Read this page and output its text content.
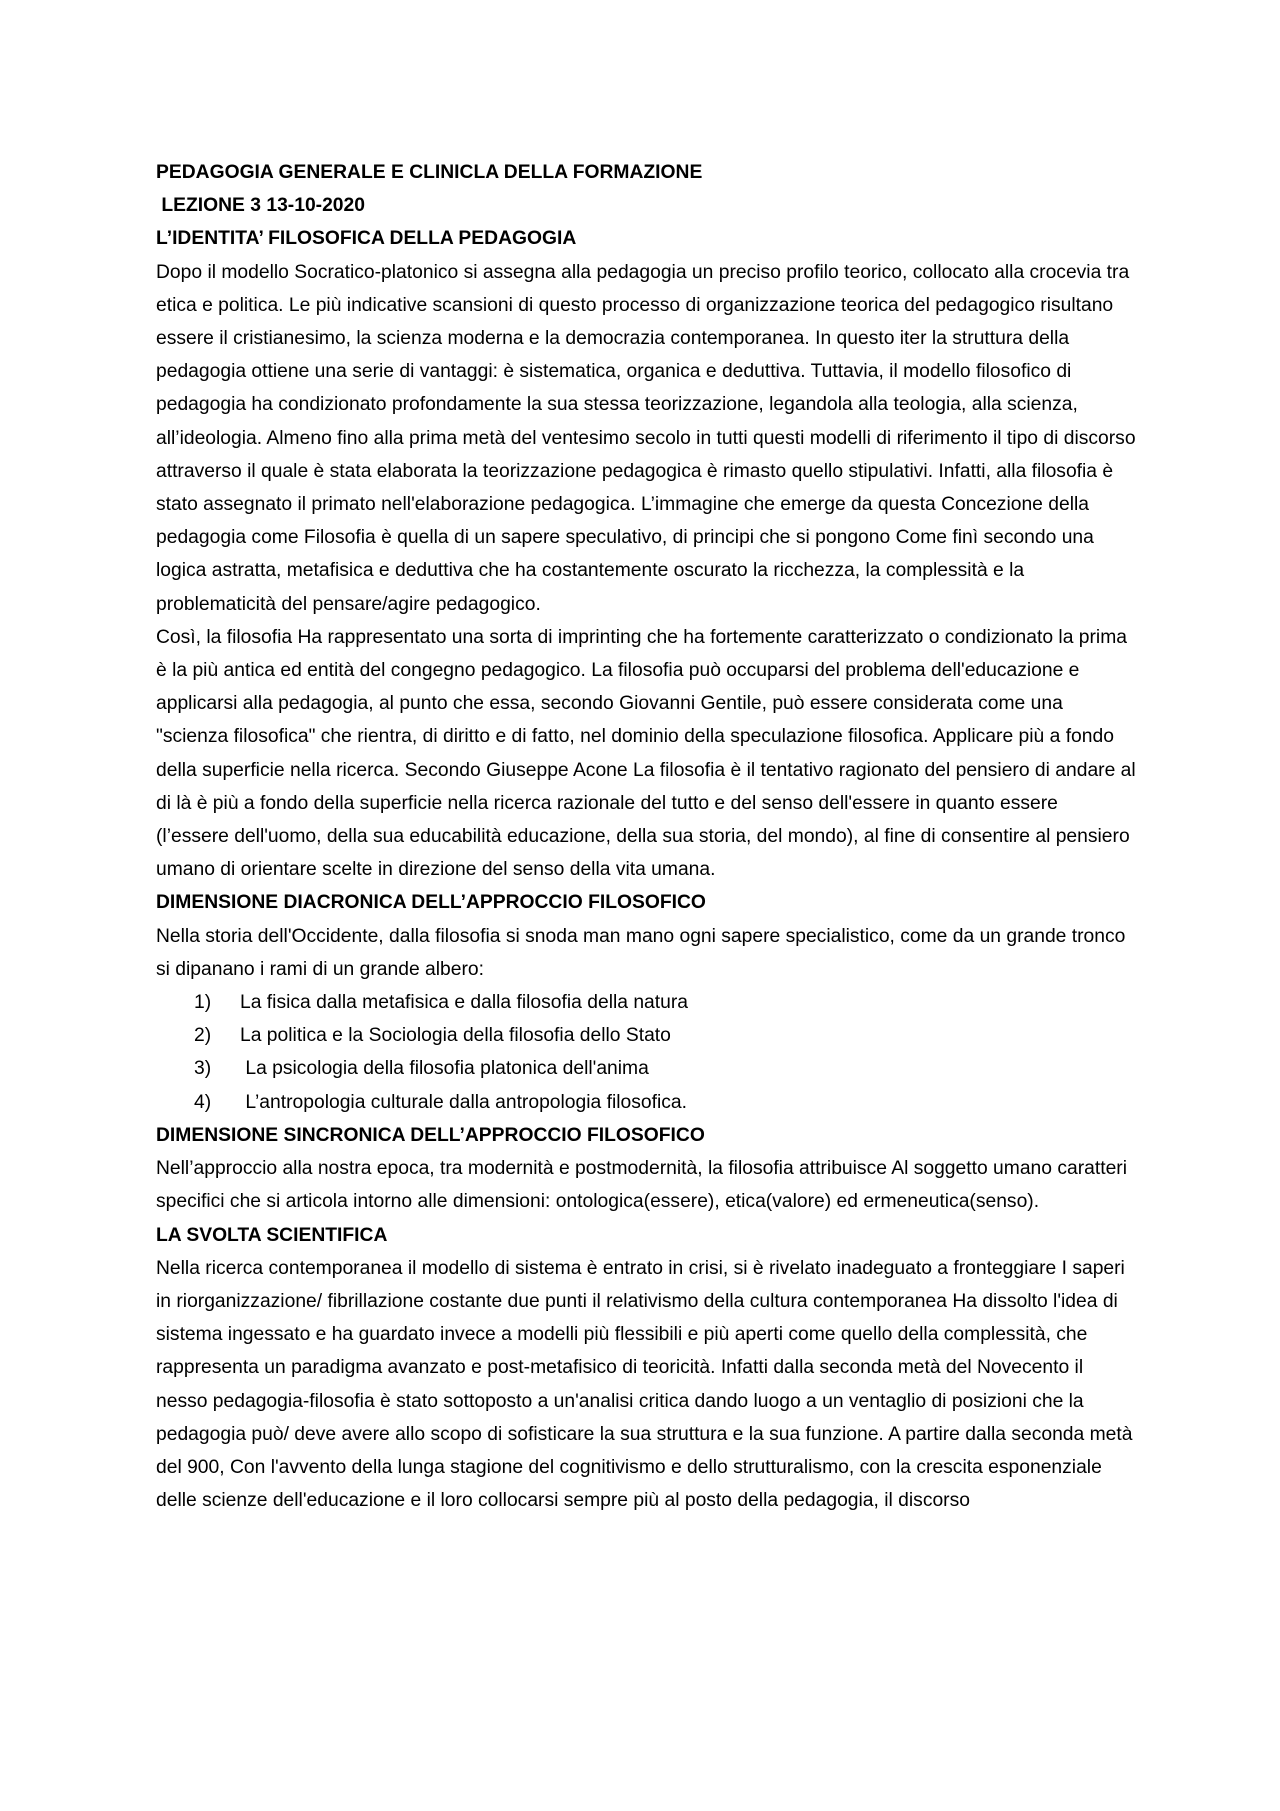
PEDAGOGIA GENERALE E CLINICLA DELLA FORMAZIONE
LEZIONE 3 13-10-2020
L’IDENTITA’ FILOSOFICA DELLA PEDAGOGIA

Dopo il modello Socratico-platonico si assegna alla pedagogia un preciso profilo teorico, collocato alla crocevia tra etica e politica. Le più indicative scansioni di questo processo di organizzazione teorica del pedagogico risultano essere il cristianesimo, la scienza moderna e la democrazia contemporanea. In questo iter la struttura della pedagogia ottiene una serie di vantaggi: è sistematica, organica e deduttiva. Tuttavia, il modello filosofico di pedagogia ha condizionato profondamente la sua stessa teorizzazione, legandola alla teologia, alla scienza, all’ideologia. Almeno fino alla prima metà del ventesimo secolo in tutti questi modelli di riferimento il tipo di discorso attraverso il quale è stata elaborata la teorizzazione pedagogica è rimasto quello stipulativi. Infatti, alla filosofia è stato assegnato il primato nell'elaborazione pedagogica. L’immagine che emerge da questa Concezione della pedagogia come Filosofia è quella di un sapere speculativo, di principi che si pongono Come finì secondo una logica astratta, metafisica e deduttiva che ha costantemente oscurato la ricchezza, la complessità e la problematicità del pensare/agire pedagogico.

Così, la filosofia Ha rappresentato una sorta di imprinting che ha fortemente caratterizzato o condizionato la prima è la più antica ed entità del congegno pedagogico. La filosofia può occuparsi del problema dell'educazione e applicarsi alla pedagogia, al punto che essa, secondo Giovanni Gentile, può essere considerata come una "scienza filosofica" che rientra, di diritto e di fatto, nel dominio della speculazione filosofica. Applicare più a fondo della superficie nella ricerca. Secondo Giuseppe Acone La filosofia è il tentativo ragionato del pensiero di andare al di là è più a fondo della superficie nella ricerca razionale del tutto e del senso dell'essere in quanto essere (l’essere dell'uomo, della sua educabilità educazione, della sua storia, del mondo), al fine di consentire al pensiero umano di orientare scelte in direzione del senso della vita umana.

DIMENSIONE DIACRONICA DELL’APPROCCIO FILOSOFICO

Nella storia dell'Occidente, dalla filosofia si snoda man mano ogni sapere specialistico, come da un grande tronco si dipanano i rami di un grande albero:

1)	La fisica dalla metafisica e dalla filosofia della natura
2)	La politica e la Sociologia della filosofia dello Stato
3)	La psicologia della filosofia platonica dell'anima
4)	L’antropologia culturale dalla antropologia filosofica.
DIMENSIONE SINCRONICA DELL’APPROCCIO FILOSOFICO

Nell’approccio alla nostra epoca, tra modernità e postmodernità, la filosofia attribuisce Al soggetto umano caratteri specifici che si articola intorno alle dimensioni: ontologica(essere), etica(valore) ed ermeneutica(senso).

LA SVOLTA SCIENTIFICA

Nella ricerca contemporanea il modello di sistema è entrato in crisi, si è rivelato inadeguato a fronteggiare I saperi in riorganizzazione/ fibrillazione costante due punti il relativismo della cultura contemporanea Ha dissolto l'idea di sistema ingessato e ha guardato invece a modelli più flessibili e più aperti come quello della complessità, che rappresenta un paradigma avanzato e post-metafisico di teoricità. Infatti dalla seconda metà del Novecento il nesso pedagogia-filosofia è stato sottoposto a un'analisi critica dando luogo a un ventaglio di posizioni che la pedagogia può/ deve avere allo scopo di sofisticare la sua struttura e la sua funzione. A partire dalla seconda metà del 900, Con l'avvento della lunga stagione del cognitivismo e dello strutturalismo, con la crescita esponenziale delle scienze dell'educazione e il loro collocarsi sempre più al posto della pedagogia, il discorso
